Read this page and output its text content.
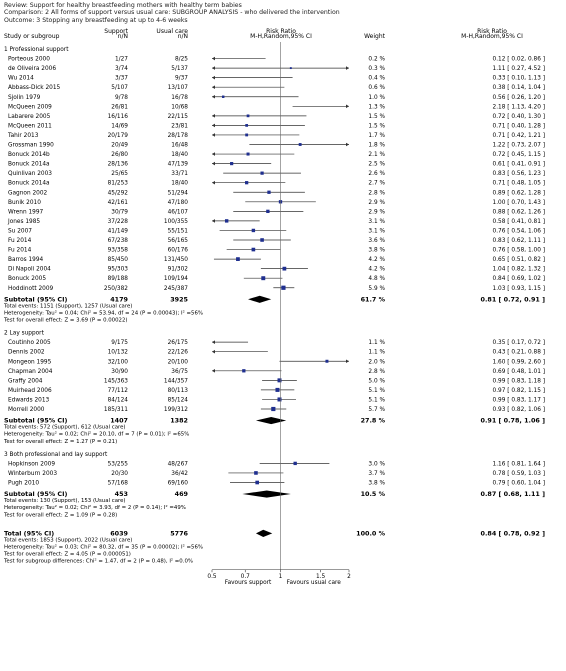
Review: Support for healthy breastfeeding mothers with healthy term babies
Comparison: 2 All forms of support versus usual care: SUBGROUP ANALYSIS - who delivered the intervention
Outcome: 3 Stopping any breastfeeding at up to 4-6 weeks
Study or subgroup
Support
n/N
Usual care
n/N
Risk Ratio
M-H,Random,95% CI	Weight
Risk Ratio
M-H,Random,95% CI
1 Professional support
Porteous 2000	1/27	8/25	0.2 %	0.12 [ 0.02, 0.86 ]
de Oliveira 2006	3/74	5/137	0.3 %	1.11 [ 0.27, 4.52 ]
Wu 2014	3/37	9/37	0.4 %	0.33 [ 0.10, 1.13 ]
Abbass-Dick 2015	5/107	13/107	0.6 %	0.38 [ 0.14, 1.04 ]
Sjolin 1979	9/78	16/78	1.0 %	0.56 [ 0.26, 1.20 ]
McQueen 2009	26/81	10/68	1.3 %	2.18 [ 1.13, 4.20 ]
Labarere 2005	16/116	22/115	1.5 %	0.72 [ 0.40, 1.30 ]
McQueen 2011	14/69	23/81	1.5 %	0.71 [ 0.40, 1.28 ]
Tahir 2013	20/179	28/178	1.7 %	0.71 [ 0.42, 1.21 ]
Grossman 1990	20/49	16/48	1.8 %	1.22 [ 0.73, 2.07 ]
Bonuck 2014b	26/80	18/40	2.1 %	0.72 [ 0.45, 1.15 ]
Bonuck 2014a	28/136	47/139	2.5 %	0.61 [ 0.41, 0.91 ]
Quinlivan 2003	25/65	33/71	2.6 %	0.83 [ 0.56, 1.23 ]
Bonuck 2014a	81/253	18/40	2.7 %	0.71 [ 0.48, 1.05 ]
Gagnon 2002	45/292	51/294	2.8 %	0.89 [ 0.62, 1.28 ]
Bunik 2010	42/161	47/180	2.9 %	1.00 [ 0.70, 1.43 ]
Wrenn 1997	30/79	46/107	2.9 %	0.88 [ 0.62, 1.26 ]
Jones 1985	37/228	100/355	3.1 %	0.58 [ 0.41, 0.81 ]
Su 2007	41/149	55/151	3.1 %	0.76 [ 0.54, 1.06 ]
Fu 2014	67/238	56/165	3.6 %	0.83 [ 0.62, 1.11 ]
Fu 2014	93/358	60/176	3.8 %	0.76 [ 0.58, 1.00 ]
Barros 1994	85/450	131/450	4.2 %	0.65 [ 0.51, 0.82 ]
Di Napoli 2004	95/303	91/302	4.2 %	1.04 [ 0.82, 1.32 ]
Bonuck 2005	89/188	109/194	4.8 %	0.84 [ 0.69, 1.02 ]
Hoddinott 2009	250/382	245/387	5.9 %	1.03 [ 0.93, 1.15 ]
Subtotal (95% CI)	4179	3925	61.7 %	0.81 [ 0.72, 0.91 ]
Total events: 1151 (Support), 1257 (Usual care)
Heterogeneity: Tau² = 0.04; Chi² = 53.94, df = 24 (P = 0.00043); I² =56%
Test for overall effect: Z = 3.69 (P = 0.00022)
2 Lay support
Coutinho 2005	9/175	26/175	1.1 %	0.35 [ 0.17, 0.72 ]
Dennis 2002	10/132	22/126	1.1 %	0.43 [ 0.21, 0.88 ]
Mongeon 1995	32/100	20/100	2.0 %	1.60 [ 0.99, 2.60 ]
Chapman 2004	30/90	36/75	2.8 %	0.69 [ 0.48, 1.01 ]
Graffy 2004	145/363	144/357	5.0 %	0.99 [ 0.83, 1.18 ]
Muirhead 2006	77/112	80/113	5.1 %	0.97 [ 0.82, 1.15 ]
Edwards 2013	84/124	85/124	5.1 %	0.99 [ 0.83, 1.17 ]
Morrell 2000	185/311	199/312	5.7 %	0.93 [ 0.82, 1.06 ]
Subtotal (95% CI)	1407	1382	27.8 %	0.91 [ 0.78, 1.06 ]
Total events: 572 (Support), 612 (Usual care)
Heterogeneity: Tau² = 0.02; Chi² = 20.10, df = 7 (P = 0.01); I² =65%
Test for overall effect: Z = 1.27 (P = 0.21)
3 Both professional and lay support
Hopkinson 2009	53/255	48/267	3.0 %	1.16 [ 0.81, 1.64 ]
Winterburn 2003	20/30	36/42	3.7 %	0.78 [ 0.59, 1.03 ]
Pugh 2010	57/168	69/160	3.8 %	0.79 [ 0.60, 1.04 ]
Subtotal (95% CI)	453	469	10.5 %	0.87 [ 0.68, 1.11 ]
Total events: 130 (Support), 153 (Usual care)
Heterogeneity: Tau² = 0.02; Chi² = 3.93, df = 2 (P = 0.14); I² =49%
Test for overall effect: Z = 1.09 (P = 0.28)
Total (95% CI)	6039	5776	100.0 %	0.84 [ 0.78, 0.92 ]
Total events: 1853 (Support), 2022 (Usual care)
Heterogeneity: Tau² = 0.03; Chi² = 80.32, df = 35 (P = 0.00002); I² =56%
Test for overall effect: Z = 4.05 (P = 0.000051)
Test for subgroup differences: Chi² = 1.47, df = 2 (P = 0.48), I² =0.0%
0.5	0.7	1	1.5	2
Favours support	Favours usual care
